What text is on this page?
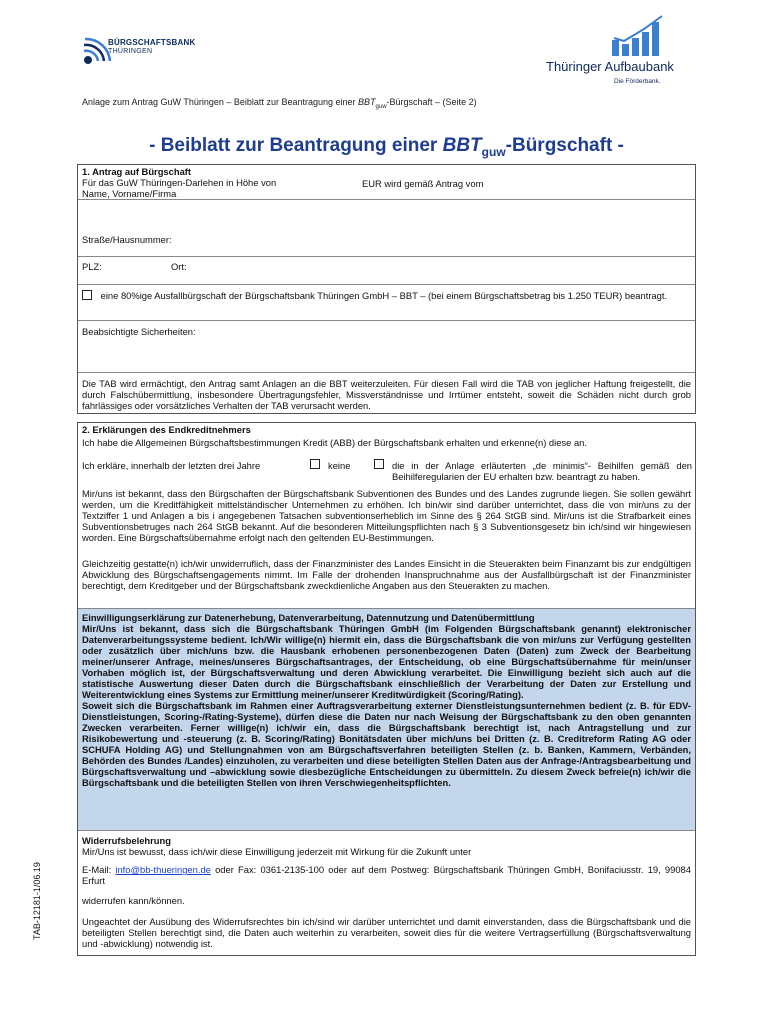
BÜRGSCHAFTSBANK
THÜRINGEN
Thüringer Aufbaubank
Die Förderbank.
Anlage zum Antrag GuW Thüringen – Beiblatt zur Beantragung einer $BBT_{guw}$-Bürgschaft – (Seite 2)
- Beiblatt zur Beantragung einer $BBT_{guw}$-Bürgschaft -
1. Antrag auf Bürgschaft
Für das GuW Thüringen-Darlehen in Höhe von	EUR wird gemäß Antrag vom
Name, Vorname/Firma
Straße/Hausnummer:
PLZ:	Ort:
eine 80%ige Ausfallbürgschaft der Bürgschaftsbank Thüringen GmbH – BBT – (bei einem Bürgschaftsbetrag bis 1.250 TEUR) beantragt.
Beabsichtigte Sicherheiten:
Die TAB wird ermächtigt, den Antrag samt Anlagen an die BBT weiterzuleiten. Für diesen Fall wird die TAB von jeglicher Haftung freigestellt, die durch Falschübermittlung, insbesondere Übertragungsfehler, Missverständnisse und Irrtümer entsteht, soweit die Schäden nicht durch grob fahrlässiges oder vorsätzliches Verhalten der TAB verursacht werden.
2. Erklärungen des Endkreditnehmers
Ich habe die Allgemeinen Bürgschaftsbestimmungen Kredit (ABB) der Bürgschaftsbank erhalten und erkenne(n) diese an.
Ich erkläre, innerhalb der letzten drei Jahre	keine	die in der Anlage erläuterten „de minimis“- Beihilfen gemäß den Beihilferegularien der EU erhalten bzw. beantragt zu haben.
Mir/uns ist bekannt, dass den Bürgschaften der Bürgschaftsbank Subventionen des Bundes und des Landes zugrunde liegen. Sie sollen gewährt werden, um die Kreditfähigkeit mittelständischer Unternehmen zu erhöhen. Ich bin/wir sind darüber unterrichtet, dass die von mir/uns zu der Textziffer 1 und Anlagen a bis i angegebenen Tatsachen subventionserheblich im Sinne des § 264 StGB sind. Mir/uns ist die Strafbarkeit eines Subventionsbetruges nach 264 StGB bekannt. Auf die besonderen Mitteilungspflichten nach § 3 Subventionsgesetz bin ich/sind wir hingewiesen worden. Eine Bürgschaftsübernahme erfolgt nach den geltenden EU-Bestimmungen.
Gleichzeitig gestatte(n) ich/wir unwiderruflich, dass der Finanzminister des Landes Einsicht in die Steuerakten beim Finanzamt bis zur endgültigen Abwicklung des Bürgschaftsengagements nimmt. Im Falle der drohenden Inanspruchnahme aus der Ausfallbürgschaft ist der Finanzminister berechtigt, dem Kreditgeber und der Bürgschaftsbank zweckdienliche Angaben aus den Steuerakten zu machen.

Einwilligungserklärung zur Datenerhebung, Datenverarbeitung, Datennutzung und Datenübermittlung

Mir/Uns ist bekannt, dass sich die Bürgschaftsbank Thüringen GmbH (im Folgenden Bürgschaftsbank genannt) elektronischer Datenverarbeitungssysteme bedient. Ich/Wir willige(n) hiermit ein, dass die Bürgschaftsbank die von mir/uns zur Verfügung gestellten oder zusätzlich über mich/uns bzw. die Hausbank erhobenen personenbezogenen Daten (Daten) zum Zweck der Bearbeitung meiner/unserer Anfrage, meines/unseres Bürgschaftsantrages, der Entscheidung, ob eine Bürgschaftsübernahme für mein/unser Vorhaben möglich ist, der Bürgschaftsverwaltung und deren Abwicklung verarbeitet. Die Einwilligung bezieht sich auch auf die statistische Auswertung dieser Daten durch die Bürgschaftsbank einschließlich der Verarbeitung der Daten zur Erstellung und Weiterentwicklung eines Systems zur Ermittlung meiner/unserer Kreditwürdigkeit (Scoring/Rating).

Soweit sich die Bürgschaftsbank im Rahmen einer Auftragsverarbeitung externer Dienstleistungsunternehmen bedient (z. B. für EDV-Dienstleistungen, Scoring-/Rating-Systeme), dürfen diese die Daten nur nach Weisung der Bürgschaftsbank zu den oben genannten Zwecken verarbeiten. Ferner willige(n) ich/wir ein, dass die Bürgschaftsbank berechtigt ist, nach Antragstellung und zur Risikobewertung und -steuerung (z. B. Scoring/Rating) Bonitätsdaten über mich/uns bei Dritten (z. B. Creditreform Rating AG oder SCHUFA Holding AG) und Stellungnahmen von am Bürgschaftsverfahren beteiligten Stellen (z. b. Banken, Kammern, Verbänden, Behörden des Bundes /Landes) einzuholen, zu verarbeiten und diese beteiligten Stellen Daten aus der Anfrage-/Antragsbearbeitung und Bürgschaftsverwaltung und –abwicklung sowie diesbezügliche Entscheidungen zu übermitteln. Zu diesem Zweck befreie(n) ich/wir die Bürgschaftsbank und die beteiligten Stellen von ihren Verschwiegenheitspflichten.

Widerrufsbelehrung

Mir/Uns ist bewusst, dass ich/wir diese Einwilligung jederzeit mit Wirkung für die Zukunft unter

E-Mail: info@bb-thueringen.de oder Fax: 0361-2135-100 oder auf dem Postweg: Bürgschaftsbank Thüringen GmbH, Bonifaciusstr. 19, 99084 Erfurt

widerrufen kann/können.

Ungeachtet der Ausübung des Widerrufsrechtes bin ich/sind wir darüber unterrichtet und damit einverstanden, dass die Bürgschaftsbank und die beteiligten Stellen berechtigt sind, die Daten auch weiterhin zu verarbeiten, soweit dies für die weitere Vertragserfüllung (Bürgschaftsverwaltung und -abwicklung) notwendig ist.

TAB-12181-1/06.19
